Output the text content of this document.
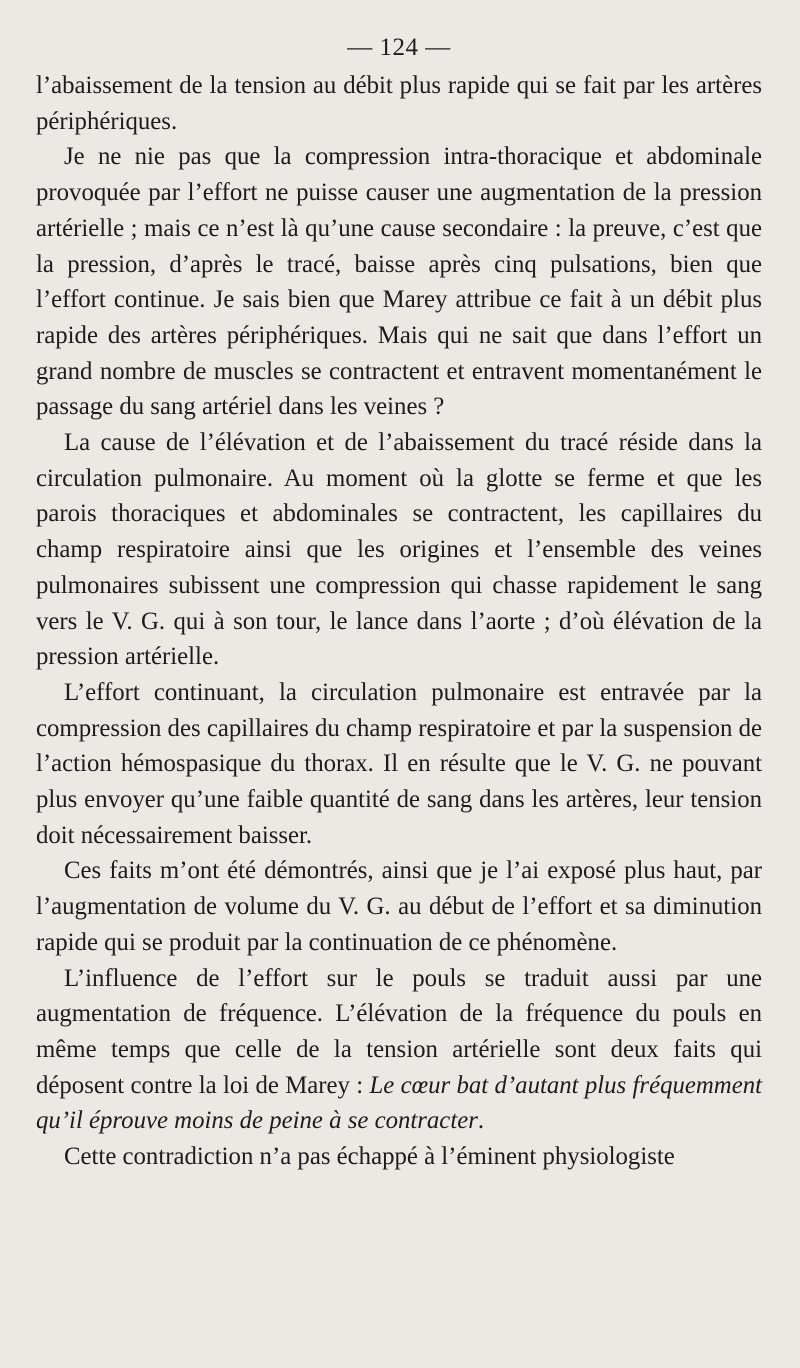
— 124 —

l’abaissement de la tension au débit plus rapide qui se fait par les artères périphériques.

Je ne nie pas que la compression intra-thoracique et abdominale provoquée par l’effort ne puisse causer une augmentation de la pression artérielle ; mais ce n’est là qu’une cause secondaire : la preuve, c’est que la pression, d’après le tracé, baisse après cinq pulsations, bien que l’effort continue. Je sais bien que Marey attribue ce fait à un débit plus rapide des artères périphériques. Mais qui ne sait que dans l’effort un grand nombre de muscles se contractent et entravent momentanément le passage du sang artériel dans les veines ?

La cause de l’élévation et de l’abaissement du tracé réside dans la circulation pulmonaire. Au moment où la glotte se ferme et que les parois thoraciques et abdominales se contractent, les capillaires du champ respiratoire ainsi que les origines et l’ensemble des veines pulmonaires subissent une compression qui chasse rapidement le sang vers le V. G. qui à son tour, le lance dans l’aorte ; d’où élévation de la pression artérielle.

L’effort continuant, la circulation pulmonaire est entravée par la compression des capillaires du champ respiratoire et par la suspension de l’action hémospasique du thorax. Il en résulte que le V. G. ne pouvant plus envoyer qu’une faible quantité de sang dans les artères, leur tension doit nécessairement baisser.

Ces faits m’ont été démontrés, ainsi que je l’ai exposé plus haut, par l’augmentation de volume du V. G. au début de l’effort et sa diminution rapide qui se produit par la continuation de ce phénomène.

L’influence de l’effort sur le pouls se traduit aussi par une augmentation de fréquence. L’élévation de la fréquence du pouls en même temps que celle de la tension artérielle sont deux faits qui déposent contre la loi de Marey : Le cœur bat d’autant plus fréquemment qu’il éprouve moins de peine à se contracter.

Cette contradiction n’a pas échappé à l’éminent physiologiste
